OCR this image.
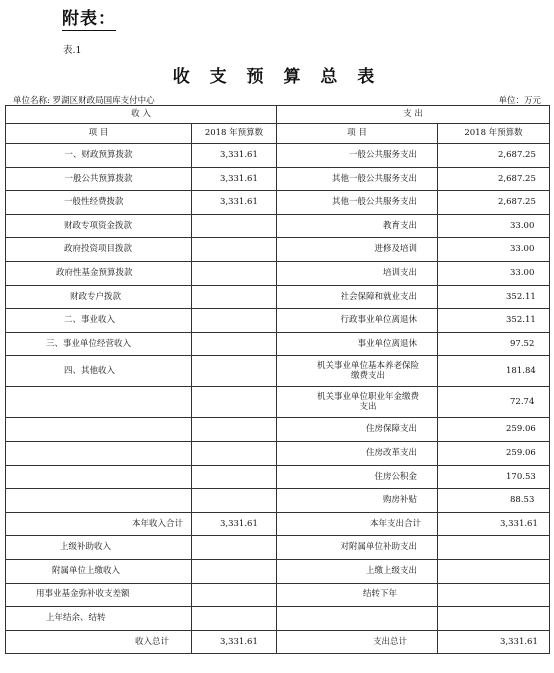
附表：
表.1
收 支 预 算 总 表
单位名称: 罗湖区财政局国库支付中心	单位：万元
收 入		支 出	
项 目	2018 年预算数	项 目	2018 年预算数
一、财政预算拨款	3,331.61	一般公共服务支出	2,687.25
一般公共预算拨款	3,331.61	其他一般公共服务支出	2,687.25
一般性经费拨款	3,331.61	其他一般公共服务支出	2,687.25
财政专项资金拨款		教育支出	33.00
政府投资项目拨款		进修及培训	33.00
政府性基金预算拨款		培训支出	33.00
财政专户拨款		社会保障和就业支出	352.11
二、事业收入		行政事业单位离退休	352.11
三、事业单位经营收入		事业单位离退休	97.52
四、其他收入		机关事业单位基本养老保险缴费支出	181.84
		机关事业单位职业年金缴费支出	72.74
		住房保障支出	259.06
		住房改革支出	259.06
		住房公积金	170.53
		购房补贴	88.53
本年收入合计	3,331.61	本年支出合计	3,331.61
上级补助收入		对附属单位补助支出	
附属单位上缴收入		上缴上级支出	
用事业基金弥补收支差额		结转下年	
上年结余、结转			
收入总计	3,331.61	支出总计	3,331.61
